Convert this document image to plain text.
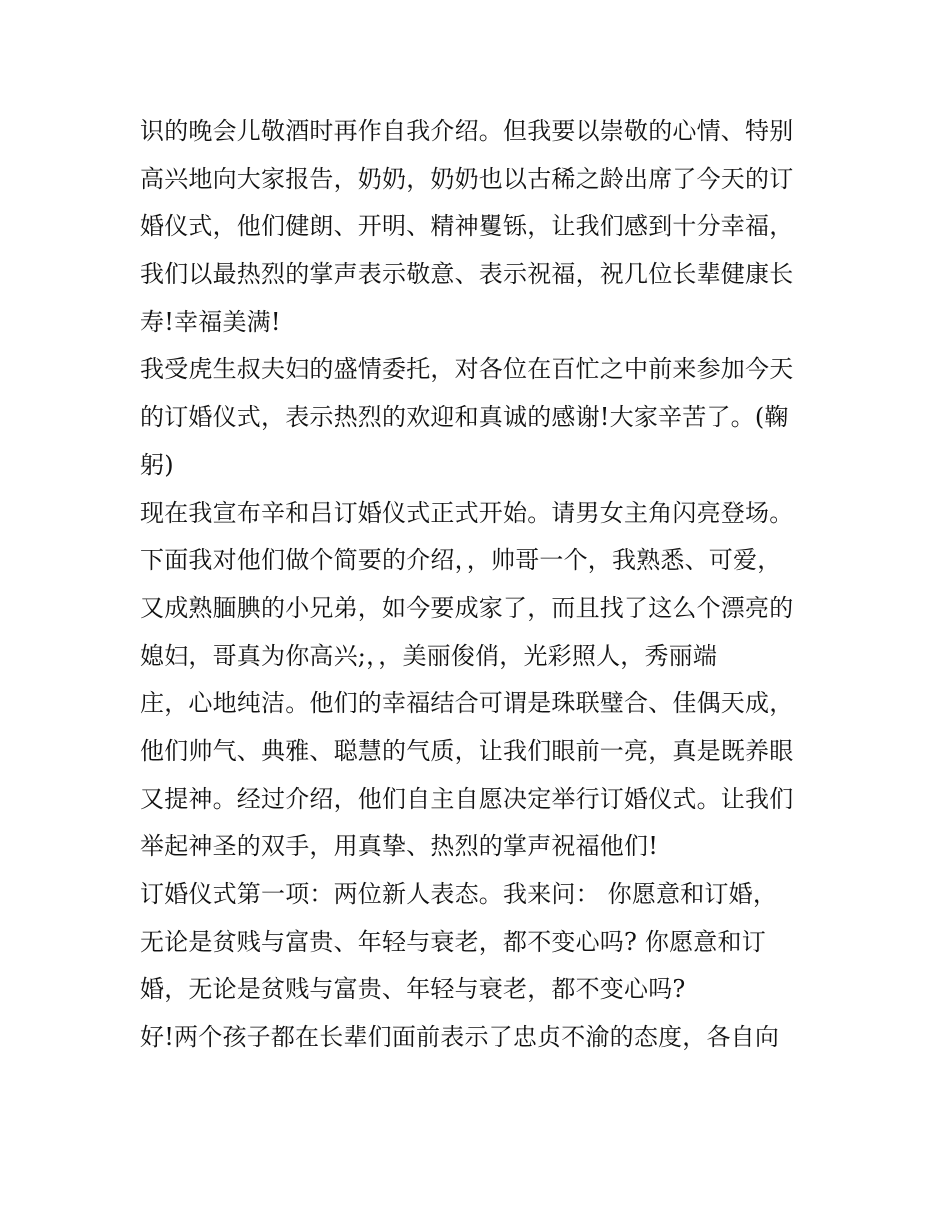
识的晚会儿敬酒时再作自我介绍。但我要以崇敬的心情、特别
高兴地向大家报告，奶奶，奶奶也以古稀之龄出席了今天的订
婚仪式，他们健朗、开明、精神矍铄，让我们感到十分幸福，
我们以最热烈的掌声表示敬意、表示祝福，祝几位长辈健康长
寿!幸福美满!
我受虎生叔夫妇的盛情委托，对各位在百忙之中前来参加今天
的订婚仪式，表示热烈的欢迎和真诚的感谢!大家辛苦了。(鞠
躬)
现在我宣布辛和吕订婚仪式正式开始。请男女主角闪亮登场。
下面我对他们做个简要的介绍，，帅哥一个，我熟悉、可爱，
又成熟腼腆的小兄弟，如今要成家了，而且找了这么个漂亮的
媳妇，哥真为你高兴;，，美丽俊俏，光彩照人，秀丽端
庄，心地纯洁。他们的幸福结合可谓是珠联璧合、佳偶天成，
他们帅气、典雅、聪慧的气质，让我们眼前一亮，真是既养眼
又提神。经过介绍，他们自主自愿决定举行订婚仪式。让我们
举起神圣的双手，用真挚、热烈的掌声祝福他们!
订婚仪式第一项：两位新人表态。我来问： 你愿意和订婚，
无论是贫贱与富贵、年轻与衰老，都不变心吗? 你愿意和订
婚，无论是贫贱与富贵、年轻与衰老，都不变心吗?
好!两个孩子都在长辈们面前表示了忠贞不渝的态度，各自向
